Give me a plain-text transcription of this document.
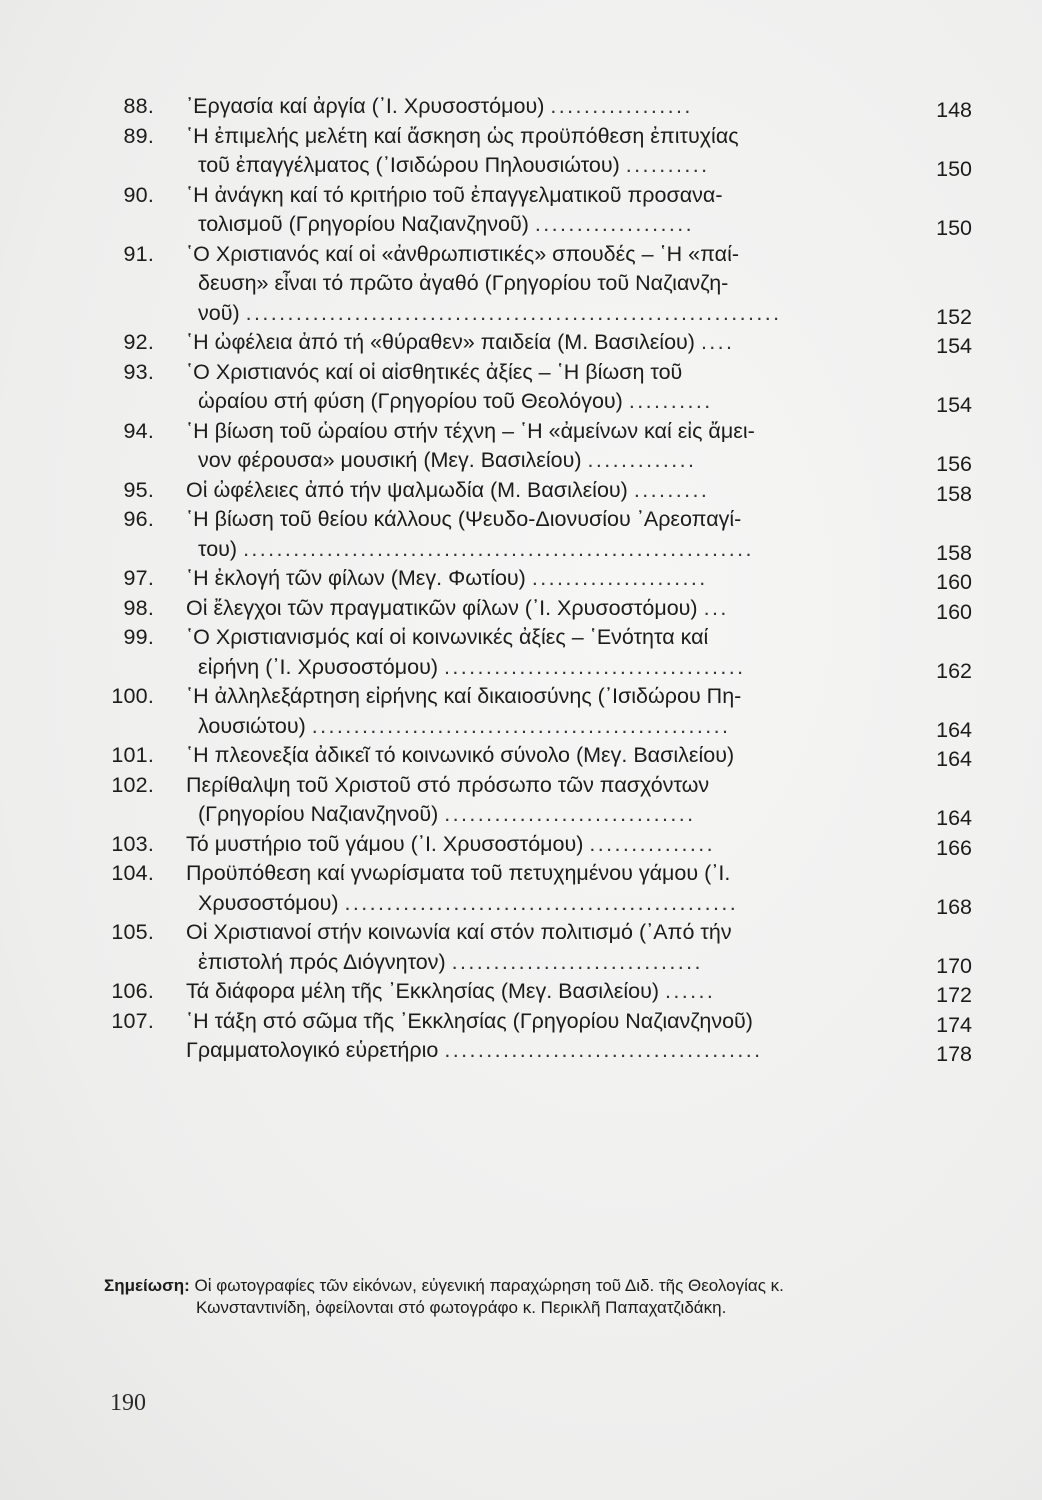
88. ᾿Εργασία καί ἀργία (᾿Ι. Χρυσοστόμου) .................	148
89. ῾Η ἐπιμελής μελέτη καί ἄσκηση ὡς προϋπόθεση ἐπιτυχίας
τοῦ ἐπαγγέλματος (᾿Ισιδώρου Πηλουσιώτου) ..........	150
90. ῾Η ἀνάγκη καί τό κριτήριο τοῦ ἐπαγγελματικοῦ προσανα-
τολισμοῦ (Γρηγορίου Ναζιανζηνοῦ) ...................	150
91. ῾Ο Χριστιανός καί οἱ «ἀνθρωπιστικές» σπουδές – ῾Η «παί-
δευση» εἶναι τό πρῶτο ἀγαθό (Γρηγορίου τοῦ Ναζιανζη-
νοῦ) ................................................................	152
92. ῾Η ὠφέλεια ἀπό τή «θύραθεν» παιδεία (Μ. Βασιλείου) ....	154
93. ῾Ο Χριστιανός καί οἱ αἰσθητικές ἀξίες – ῾Η βίωση τοῦ
ὡραίου στή φύση (Γρηγορίου τοῦ Θεολόγου) ..........	154
94. ῾Η βίωση τοῦ ὡραίου στήν τέχνη – ῾Η «ἀμείνων καί εἰς ἄμει-
νον φέρουσα» μουσική (Μεγ. Βασιλείου) .............	156
95. Οἱ ὠφέλειες ἀπό τήν ψαλμωδία (Μ. Βασιλείου) .........	158
96. ῾Η βίωση τοῦ θείου κάλλους (Ψευδο-Διονυσίου ᾿Αρεοπαγί-
του) .............................................................	158
97. ῾Η ἐκλογή τῶν φίλων (Μεγ. Φωτίου) .....................	160
98. Οἱ ἔλεγχοι τῶν πραγματικῶν φίλων (᾿Ι. Χρυσοστόμου) ...	160
99. ῾Ο Χριστιανισμός καί οἱ κοινωνικές ἀξίες – ῾Ενότητα καί
εἰρήνη (᾿Ι. Χρυσοστόμου) ....................................	162
100. ῾Η ἀλληλεξάρτηση εἰρήνης καί δικαιοσύνης (᾿Ισιδώρου Πη-
λουσιώτου) ..................................................	164
101. ῾Η πλεονεξία ἀδικεῖ τό κοινωνικό σύνολο (Μεγ. Βασιλείου)	164
102. Περίθαλψη τοῦ Χριστοῦ στό πρόσωπο τῶν πασχόντων
(Γρηγορίου Ναζιανζηνοῦ) ..............................	164
103. Τό μυστήριο τοῦ γάμου (᾿Ι. Χρυσοστόμου) ...............	166
104. Προϋπόθεση καί γνωρίσματα τοῦ πετυχημένου γάμου (᾿Ι.
Χρυσοστόμου) ...............................................	168
105. Οἱ Χριστιανοί στήν κοινωνία καί στόν πολιτισμό (᾿Από τήν
ἐπιστολή πρός Διόγνητον) ..............................	170
106. Τά διάφορα μέλη τῆς ᾿Εκκλησίας (Μεγ. Βασιλείου) ......	172
107. ῾Η τάξη στό σῶμα τῆς ᾿Εκκλησίας (Γρηγορίου Ναζιανζηνοῦ)	174
Γραμματολογικό εὑρετήριο ......................................	178
Σημείωση: Οἱ φωτογραφίες τῶν εἰκόνων, εὐγενική παραχώρηση τοῦ Διδ. τῆς Θεολογίας κ.
Κωνσταντινίδη, ὀφείλονται στό φωτογράφο κ. Περικλῆ Παπαχατζιδάκη.
190
